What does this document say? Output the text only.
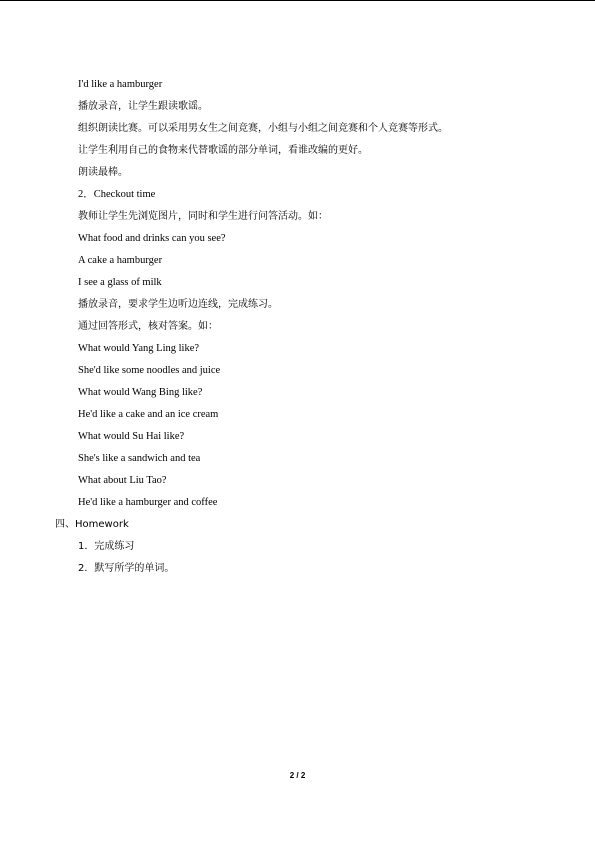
I'd like a hamburger
播放录音，让学生跟读歌谣。
组织朗读比赛。可以采用男女生之间竞赛，小组与小组之间竞赛和个人竞赛等形式。
让学生利用自己的食物来代替歌谣的部分单词，看谁改编的更好。
朗读最棒。
2．Checkout time
教师让学生先浏览图片，同时和学生进行问答活动。如：
What food and drinks can you see?
A cake a hamburger
I see a glass of milk
播放录音，要求学生边听边连线，完成练习。
通过回答形式，核对答案。如：
What would Yang Ling like?
She'd like some noodles and juice
What would Wang Bing like?
He'd like a cake and an ice cream
What would Su Hai like?
She's like a sandwich and tea
What about Liu Tao?
He'd like a hamburger and coffee
四、Homework
1．完成练习
2．默写所学的单词。
2 / 2
